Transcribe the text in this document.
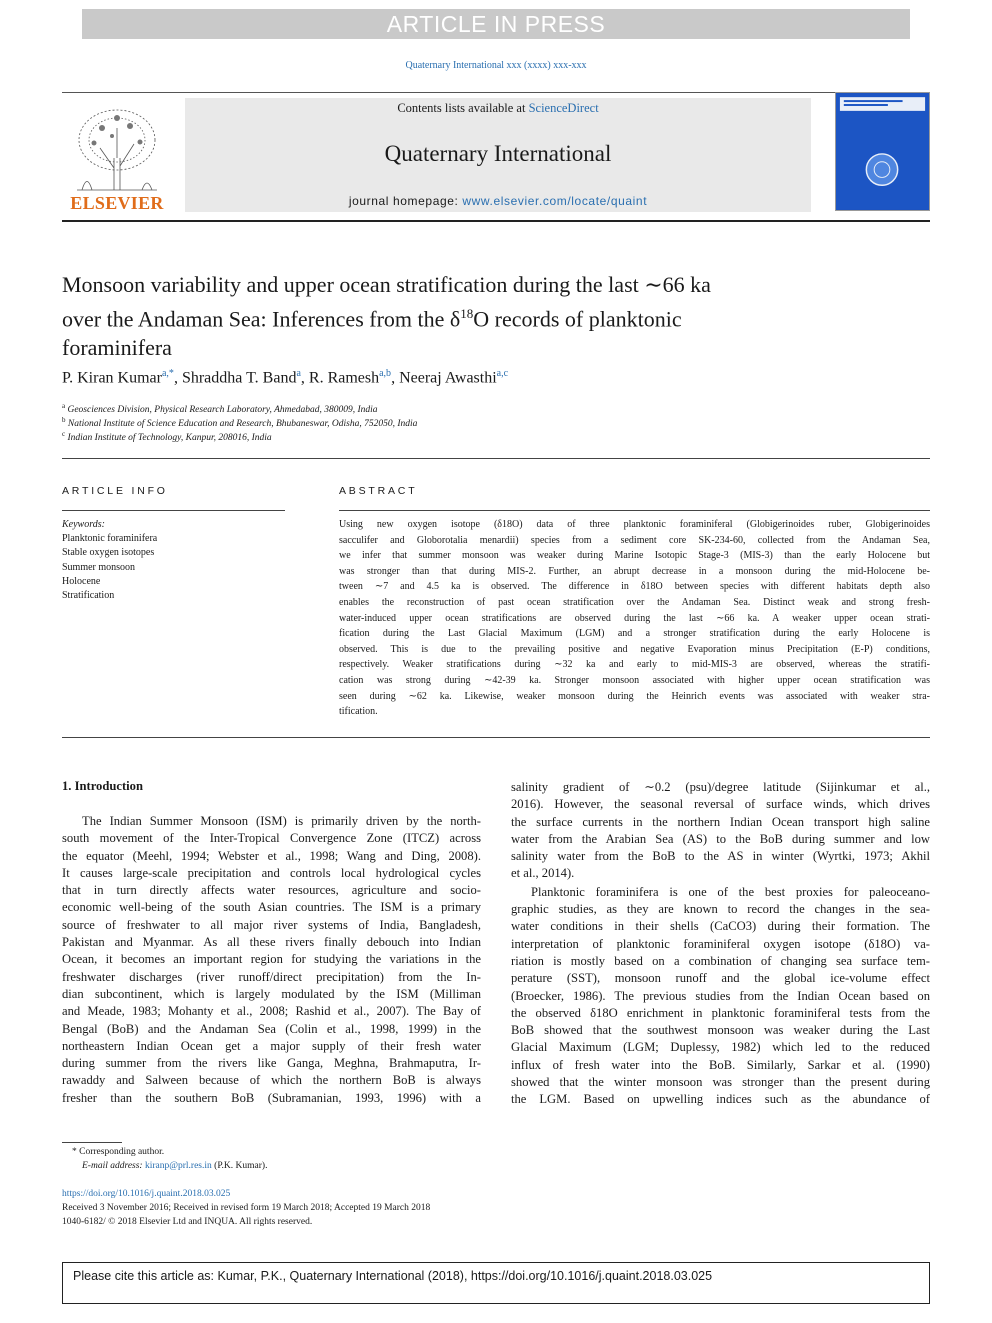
ARTICLE IN PRESS
Quaternary International xxx (xxxx) xxx-xxx
ELSEVIER
Contents lists available at ScienceDirect
Quaternary International
journal homepage: www.elsevier.com/locate/quaint
Monsoon variability and upper ocean stratification during the last ∼66 ka
over the Andaman Sea: Inferences from the $\delta^{18}O$ records of planktonic
foraminifera
P. Kiran Kumar$^{a,*}$, Shraddha T. Band$^a$, R. Ramesh$^{a,b}$, Neeraj Awasthi$^{a,c}$
$^a$ Geosciences Division, Physical Research Laboratory, Ahmedabad, 380009, India
$^b$ National Institute of Science Education and Research, Bhubaneswar, Odisha, 752050, India
$^c$ Indian Institute of Technology, Kanpur, 208016, India
ARTICLE INFO
Keywords:
Planktonic foraminifera
Stable oxygen isotopes
Summer monsoon
Holocene
Stratification
ABSTRACT
Using new oxygen isotope (δ18O) data of three planktonic foraminiferal (Globigerinoides ruber, Globigerinoides
sacculifer and Globorotalia menardii) species from a sediment core SK-234-60, collected from the Andaman Sea,
we infer that summer monsoon was weaker during Marine Isotopic Stage-3 (MIS-3) than the early Holocene but
was stronger than that during MIS-2. Further, an abrupt decrease in a monsoon during the mid-Holocene be-
tween ∼7 and 4.5 ka is observed. The difference in δ18O between species with different habitats depth also
enables the reconstruction of past ocean stratification over the Andaman Sea. Distinct weak and strong fresh-
water-induced upper ocean stratifications are observed during the last ∼66 ka. A weaker upper ocean strati-
fication during the Last Glacial Maximum (LGM) and a stronger stratification during the early Holocene is
observed. This is due to the prevailing positive and negative Evaporation minus Precipitation (E-P) conditions,
respectively. Weaker stratifications during ∼32 ka and early to mid-MIS-3 are observed, whereas the stratifi-
cation was strong during ∼42-39 ka. Stronger monsoon associated with higher upper ocean stratification was
seen during ∼62 ka. Likewise, weaker monsoon during the Heinrich events was associated with weaker stra-
tification.
1. Introduction
The Indian Summer Monsoon (ISM) is primarily driven by the north-
south movement of the Inter-Tropical Convergence Zone (ITCZ) across
the equator (Meehl, 1994; Webster et al., 1998; Wang and Ding, 2008).
It causes large-scale precipitation and controls local hydrological cycles
that in turn directly affects water resources, agriculture and socio-
economic well-being of the south Asian countries. The ISM is a primary
source of freshwater to all major river systems of India, Bangladesh,
Pakistan and Myanmar. As all these rivers finally debouch into Indian
Ocean, it becomes an important region for studying the variations in the
freshwater discharges (river runoff/direct precipitation) from the In-
dian subcontinent, which is largely modulated by the ISM (Milliman
and Meade, 1983; Mohanty et al., 2008; Rashid et al., 2007). The Bay of
Bengal (BoB) and the Andaman Sea (Colin et al., 1998, 1999) in the
northeastern Indian Ocean get a major supply of their fresh water
during summer from the rivers like Ganga, Meghna, Brahmaputra, Ir-
rawaddy and Salween because of which the northern BoB is always
fresher than the southern BoB (Subramanian, 1993, 1996) with a
salinity gradient of ∼0.2 (psu)/degree latitude (Sijinkumar et al.,
2016). However, the seasonal reversal of surface winds, which drives
the surface currents in the northern Indian Ocean transport high saline
water from the Arabian Sea (AS) to the BoB during summer and low
salinity water from the BoB to the AS in winter (Wyrtki, 1973; Akhil
et al., 2014).
Planktonic foraminifera is one of the best proxies for paleoceano-
graphic studies, as they are known to record the changes in the sea-
water conditions in their shells (CaCO3) during their formation. The
interpretation of planktonic foraminiferal oxygen isotope (δ18O) va-
riation is mostly based on a combination of changing sea surface tem-
perature (SST), monsoon runoff and the global ice-volume effect
(Broecker, 1986). The previous studies from the Indian Ocean based on
the observed δ18O enrichment in planktonic foraminiferal tests from the
BoB showed that the southwest monsoon was weaker during the Last
Glacial Maximum (LGM; Duplessy, 1982) which led to the reduced
influx of fresh water into the BoB. Similarly, Sarkar et al. (1990)
showed that the winter monsoon was stronger than the present during
the LGM. Based on upwelling indices such as the abundance of
* Corresponding author.
E-mail address: kiranp@prl.res.in (P.K. Kumar).
https://doi.org/10.1016/j.quaint.2018.03.025
Received 3 November 2016; Received in revised form 19 March 2018; Accepted 19 March 2018
1040-6182/ © 2018 Elsevier Ltd and INQUA. All rights reserved.
Please cite this article as: Kumar, P.K., Quaternary International (2018), https://doi.org/10.1016/j.quaint.2018.03.025
